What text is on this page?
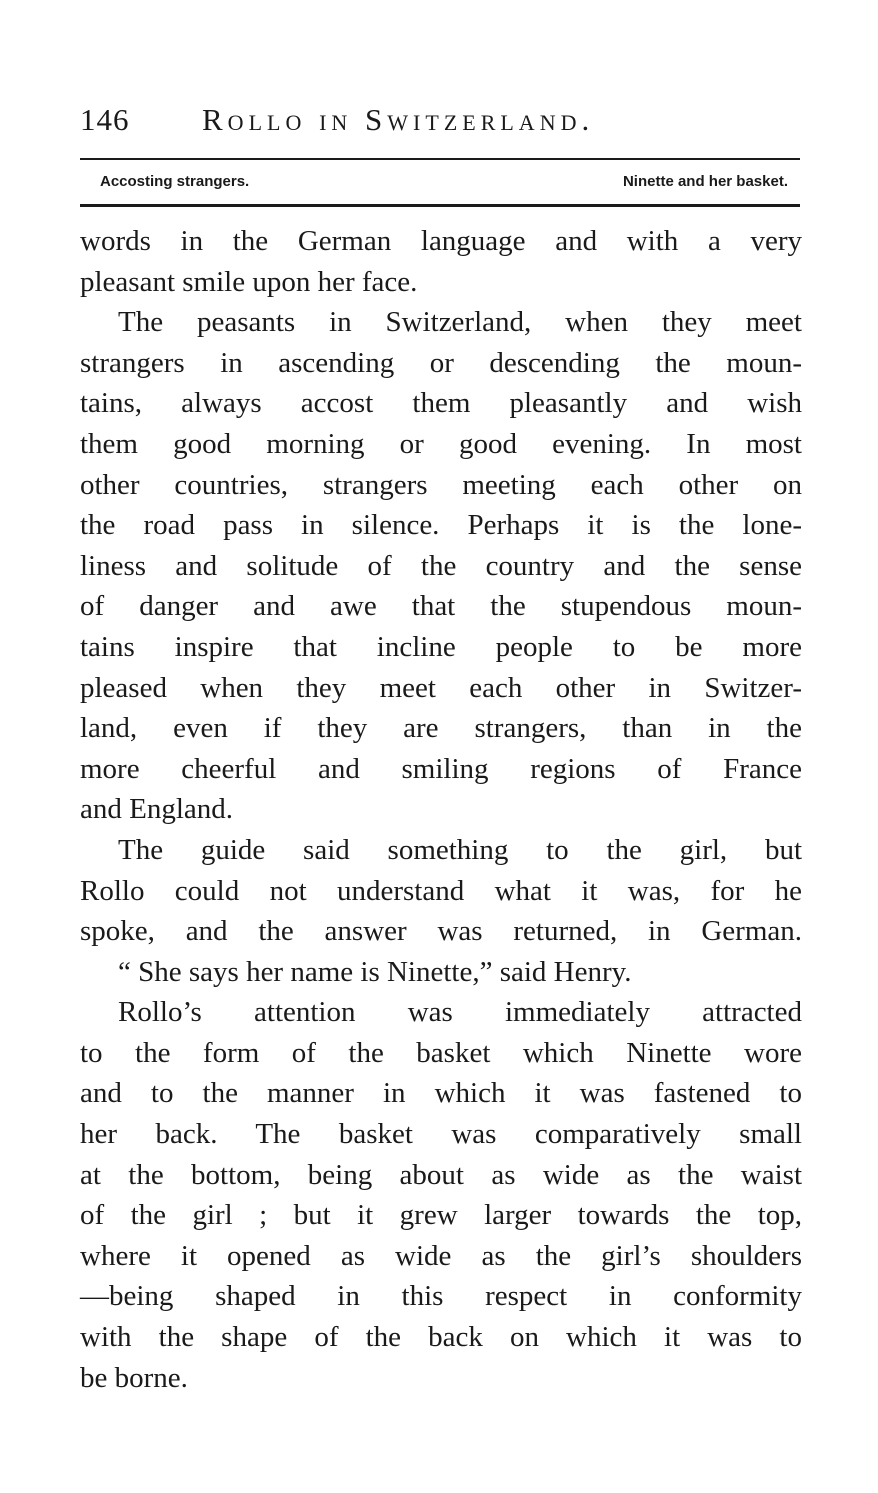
146 Rollo in Switzerland.
Accosting strangers.	Ninette and her basket.
words in the German language and with a very
pleasant smile upon her face.
The peasants in Switzerland, when they meet
strangers in ascending or descending the moun-
tains, always accost them pleasantly and wish
them good morning or good evening. In most
other countries, strangers meeting each other on
the road pass in silence. Perhaps it is the lone-
liness and solitude of the country and the sense
of danger and awe that the stupendous moun-
tains inspire that incline people to be more
pleased when they meet each other in Switzer-
land, even if they are strangers, than in the
more cheerful and smiling regions of France
and England.
The guide said something to the girl, but
Rollo could not understand what it was, for he
spoke, and the answer was returned, in German.
“ She says her name is Ninette,” said Henry.
Rollo’s attention was immediately attracted
to the form of the basket which Ninette wore
and to the manner in which it was fastened to
her back. The basket was comparatively small
at the bottom, being about as wide as the waist
of the girl ; but it grew larger towards the top,
where it opened as wide as the girl’s shoulders
—being shaped in this respect in conformity
with the shape of the back on which it was to
be borne.
